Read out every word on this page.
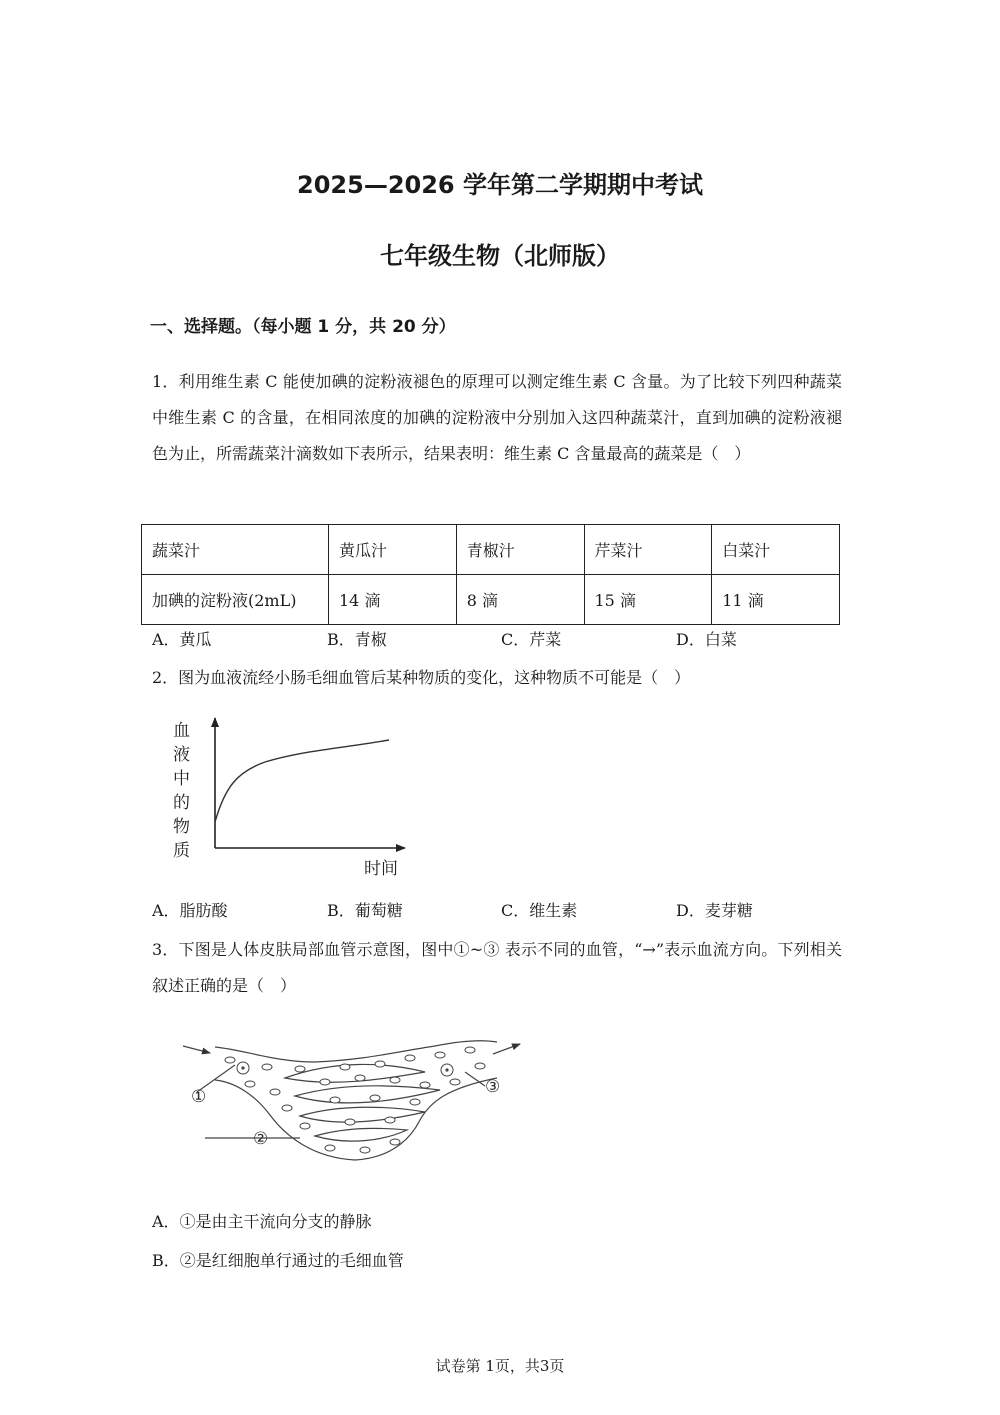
2025—2026 学年第二学期期中考试
七年级生物（北师版）
一、选择题。（每小题 1 分，共 20 分）
1．利用维生素 C 能使加碘的淀粉液褪色的原理可以测定维生素 C 含量。为了比较下列四种蔬菜中维生素 C 的含量，在相同浓度的加碘的淀粉液中分别加入这四种蔬菜汁，直到加碘的淀粉液褪色为止，所需蔬菜汁滴数如下表所示，结果表明：维生素 C 含量最高的蔬菜是（　）
蔬菜汁	黄瓜汁	青椒汁	芹菜汁	白菜汁
加碘的淀粉液(2mL)	14 滴	8 滴	15 滴	11 滴
A．黄瓜	B．青椒	C．芹菜	D．白菜
2．图为血液流经小肠毛细血管后某种物质的变化，这种物质不可能是（　）
血
液
中
的
物
质
时间
A．脂肪酸	B．葡萄糖	C．维生素	D．麦芽糖
3．下图是人体皮肤局部血管示意图，图中①~③ 表示不同的血管，“→”表示血流方向。下列相关叙述正确的是（　）
①
②
③
A．①是由主干流向分支的静脉
B．②是红细胞单行通过的毛细血管
试卷第 1页，共3页
